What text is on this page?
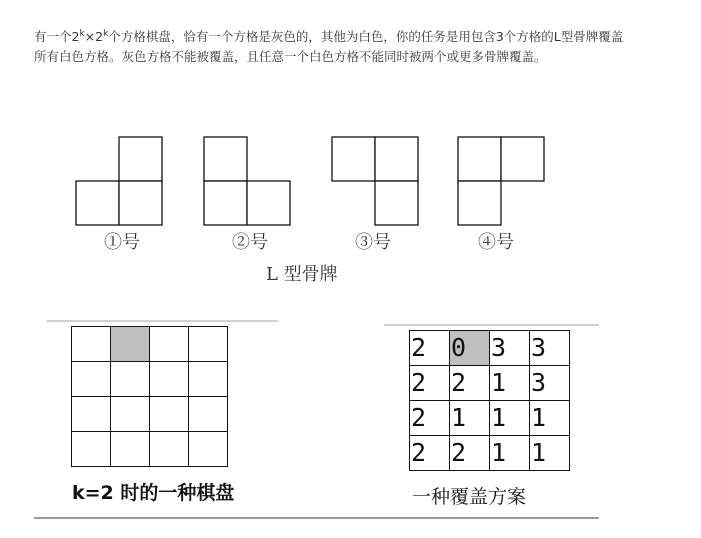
有一个$2^k\times 2^k$个方格棋盘，恰有一个方格是灰色的，其他为白色，你的任务是用包含3个方格的L型骨牌覆盖
所有白色方格。灰色方格不能被覆盖，且任意一个白色方格不能同时被两个或更多骨牌覆盖。
①号	②号	③号	④号
L 型骨牌

k=2 时的一种棋盘
2	0	3	3
2	2	1	3
2	1	1	1
2	2	1	1
一种覆盖方案
